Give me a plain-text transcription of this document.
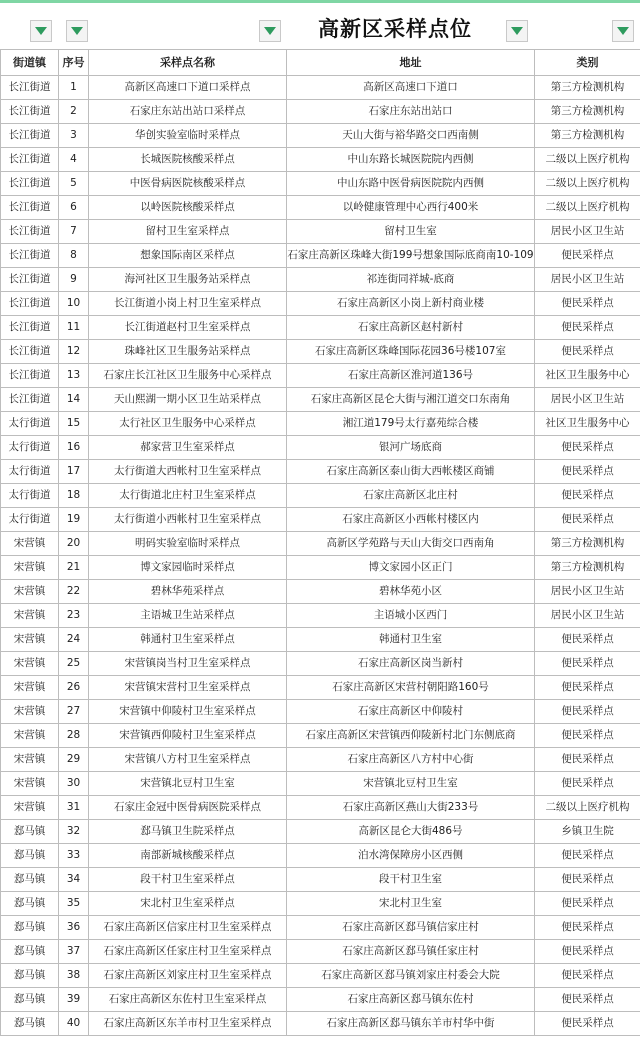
高新区采样点位
街道镇	序号	采样点名称	地址	类别
长江街道	1	高新区高速口下道口采样点	高新区高速口下道口	第三方检测机构
长江街道	2	石家庄东站出站口采样点	石家庄东站出站口	第三方检测机构
长江街道	3	华创实验室临时采样点	天山大街与裕华路交口西南侧	第三方检测机构
长江街道	4	长城医院核酸采样点	中山东路长城医院院内西侧	二级以上医疗机构
长江街道	5	中医骨病医院核酸采样点	中山东路中医骨病医院院内西侧	二级以上医疗机构
长江街道	6	以岭医院核酸采样点	以岭健康管理中心西行400米	二级以上医疗机构
长江街道	7	留村卫生室采样点	留村卫生室	居民小区卫生站
长江街道	8	想象国际南区采样点	石家庄高新区珠峰大街199号想象国际底商南10-109	便民采样点
长江街道	9	海河社区卫生服务站采样点	祁连街同祥城-底商	居民小区卫生站
长江街道	10	长江街道小岗上村卫生室采样点	石家庄高新区小岗上新村商业楼	便民采样点
长江街道	11	长江街道赵村卫生室采样点	石家庄高新区赵村新村	便民采样点
长江街道	12	珠峰社区卫生服务站采样点	石家庄高新区珠峰国际花园36号楼107室	便民采样点
长江街道	13	石家庄长江社区卫生服务中心采样点	石家庄高新区淮河道136号	社区卫生服务中心
长江街道	14	天山熙湖一期小区卫生站采样点	石家庄高新区昆仑大街与湘江道交口东南角	居民小区卫生站
太行街道	15	太行社区卫生服务中心采样点	湘江道179号太行嘉苑综合楼	社区卫生服务中心
太行街道	16	郝家营卫生室采样点	银河广场底商	便民采样点
太行街道	17	太行街道大西帐村卫生室采样点	石家庄高新区泰山街大西帐楼区商铺	便民采样点
太行街道	18	太行街道北庄村卫生室采样点	石家庄高新区北庄村	便民采样点
太行街道	19	太行街道小西帐村卫生室采样点	石家庄高新区小西帐村楼区内	便民采样点
宋营镇	20	明码实验室临时采样点	高新区学苑路与天山大街交口西南角	第三方检测机构
宋营镇	21	博文家园临时采样点	博文家园小区正门	第三方检测机构
宋营镇	22	碧林华苑采样点	碧林华苑小区	居民小区卫生站
宋营镇	23	主语城卫生站采样点	主语城小区西门	居民小区卫生站
宋营镇	24	韩通村卫生室采样点	韩通村卫生室	便民采样点
宋营镇	25	宋营镇岗当村卫生室采样点	石家庄高新区岗当新村	便民采样点
宋营镇	26	宋营镇宋营村卫生室采样点	石家庄高新区宋营村朝阳路160号	便民采样点
宋营镇	27	宋营镇中仰陵村卫生室采样点	石家庄高新区中仰陵村	便民采样点
宋营镇	28	宋营镇西仰陵村卫生室采样点	石家庄高新区宋营镇西仰陵新村北门东侧底商	便民采样点
宋营镇	29	宋营镇八方村卫生室采样点	石家庄高新区八方村中心街	便民采样点
宋营镇	30	宋营镇北豆村卫生室	宋营镇北豆村卫生室	便民采样点
宋营镇	31	石家庄金冠中医骨病医院采样点	石家庄高新区燕山大街233号	二级以上医疗机构
郄马镇	32	郄马镇卫生院采样点	高新区昆仑大街486号	乡镇卫生院
郄马镇	33	南部新城核酸采样点	泊水湾保障房小区西侧	便民采样点
郄马镇	34	段干村卫生室采样点	段干村卫生室	便民采样点
郄马镇	35	宋北村卫生室采样点	宋北村卫生室	便民采样点
郄马镇	36	石家庄高新区信家庄村卫生室采样点	石家庄高新区郄马镇信家庄村	便民采样点
郄马镇	37	石家庄高新区任家庄村卫生室采样点	石家庄高新区郄马镇任家庄村	便民采样点
郄马镇	38	石家庄高新区刘家庄村卫生室采样点	石家庄高新区郄马镇刘家庄村委会大院	便民采样点
郄马镇	39	石家庄高新区东佐村卫生室采样点	石家庄高新区郄马镇东佐村	便民采样点
郄马镇	40	石家庄高新区东羊市村卫生室采样点	石家庄高新区郄马镇东羊市村华中街	便民采样点
